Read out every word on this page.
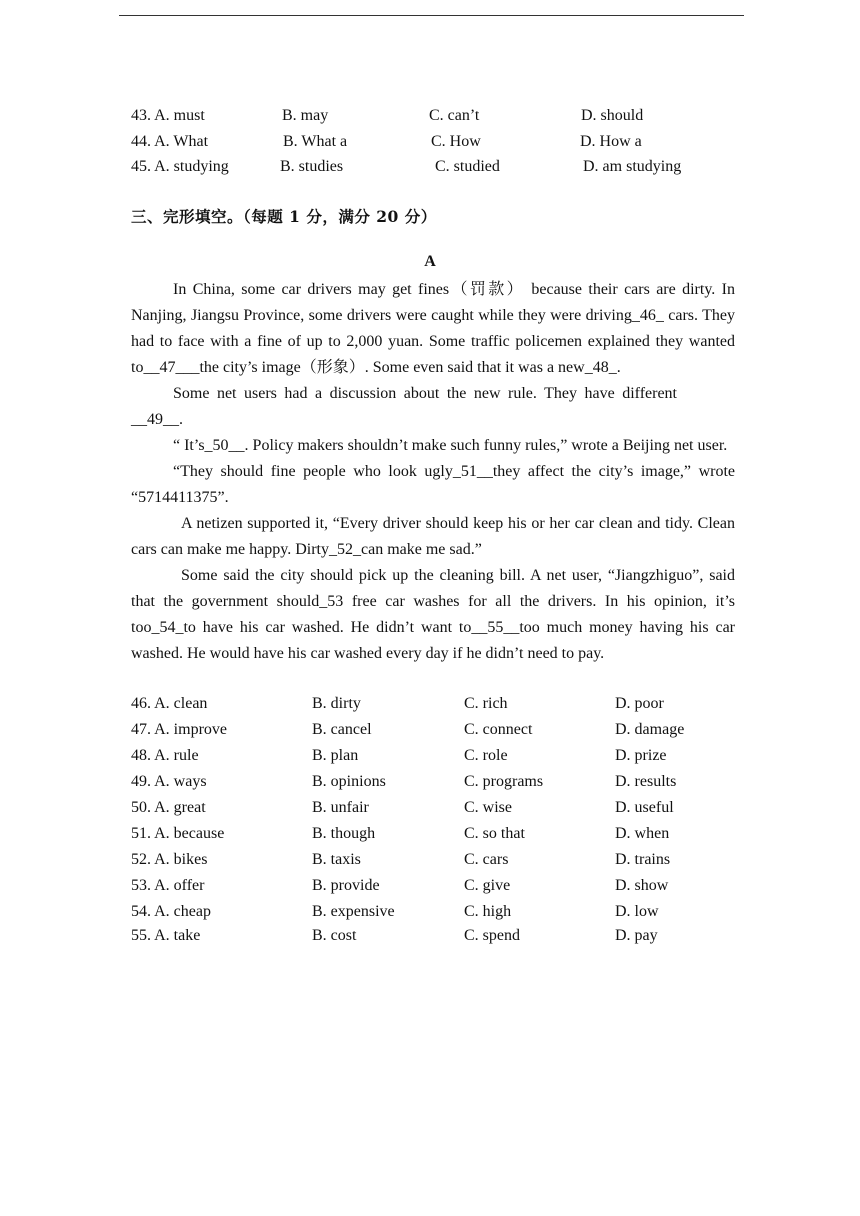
43. A. must	B. may	C. can’t	D. should
44. A. What	B. What a	C. How	D. How a
45. A. studying	B. studies	C. studied	D. am studying
三、完形填空。（每题 1 分，满分 20 分）
A

In China, some car drivers may get fines（罚款） because their cars are dirty. In Nanjing, Jiangsu Province, some drivers were caught while they were driving_46_ cars. They had to face with a fine of up to 2,000 yuan. Some traffic policemen explained they wanted to__47___the city’s image（形象）. Some even said that it was a new_48_.

Some net users had a discussion about the new rule. They have different __49__.

“ It’s_50__. Policy makers shouldn’t make such funny rules,” wrote a Beijing net user.

“They should fine people who look ugly_51__they affect the city’s image,” wrote “5714411375”.

A netizen supported it, “Every driver should keep his or her car clean and tidy. Clean cars can make me happy. Dirty_52_can make me sad.”

Some said the city should pick up the cleaning bill. A net user, “Jiangzhiguo”, said that the government should_53 free car washes for all the drivers. In his opinion, it’s too_54_to have his car washed. He didn’t want to__55__too much money having his car washed. He would have his car washed every day if he didn’t need to pay.

46. A. clean	B. dirty	C. rich	D. poor
47. A. improve	B. cancel	C. connect	D. damage
48. A. rule	B. plan	C. role	D. prize
49. A. ways	B. opinions	C. programs	D. results
50. A. great	B. unfair	C. wise	D. useful
51. A. because	B. though	C. so that	D. when
52. A. bikes	B. taxis	C. cars	D. trains
53. A. offer	B. provide	C. give	D. show
54. A. cheap	B. expensive	C. high	D. low
55. A. take	B. cost	C. spend	D. pay
